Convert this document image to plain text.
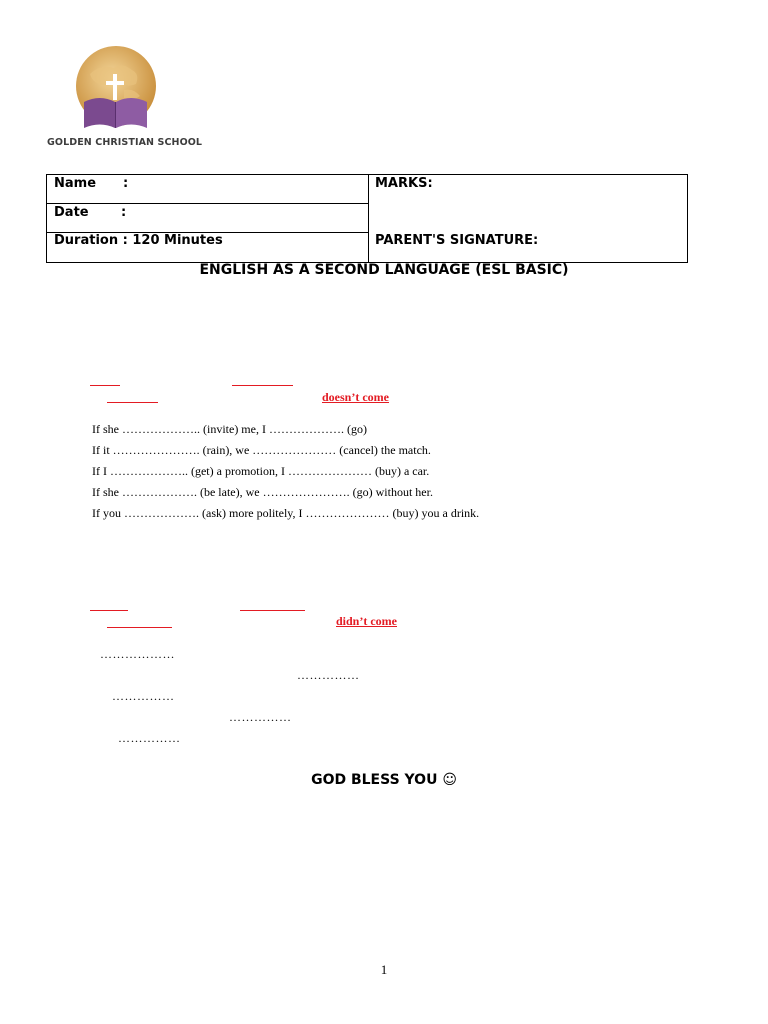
GOLDEN CHRISTIAN SCHOOL
Name :
Date :
Duration : 120 Minutes
MARKS:
PARENT'S SIGNATURE:
ENGLISH AS A SECOND LANGUAGE (ESL BASIC)
doesn’t come
If she ……………….. (invite) me, I ………………. (go)
If it …………………. (rain), we ………………… (cancel) the match.
If I ……………….. (get) a promotion, I ………………… (buy) a car.
If she ………………. (be late), we …………………. (go) without her.
If you ………………. (ask) more politely, I ………………… (buy) you a drink.
didn’t come
………………
……………
……………
……………
……………
GOD BLESS YOU ☺
1
